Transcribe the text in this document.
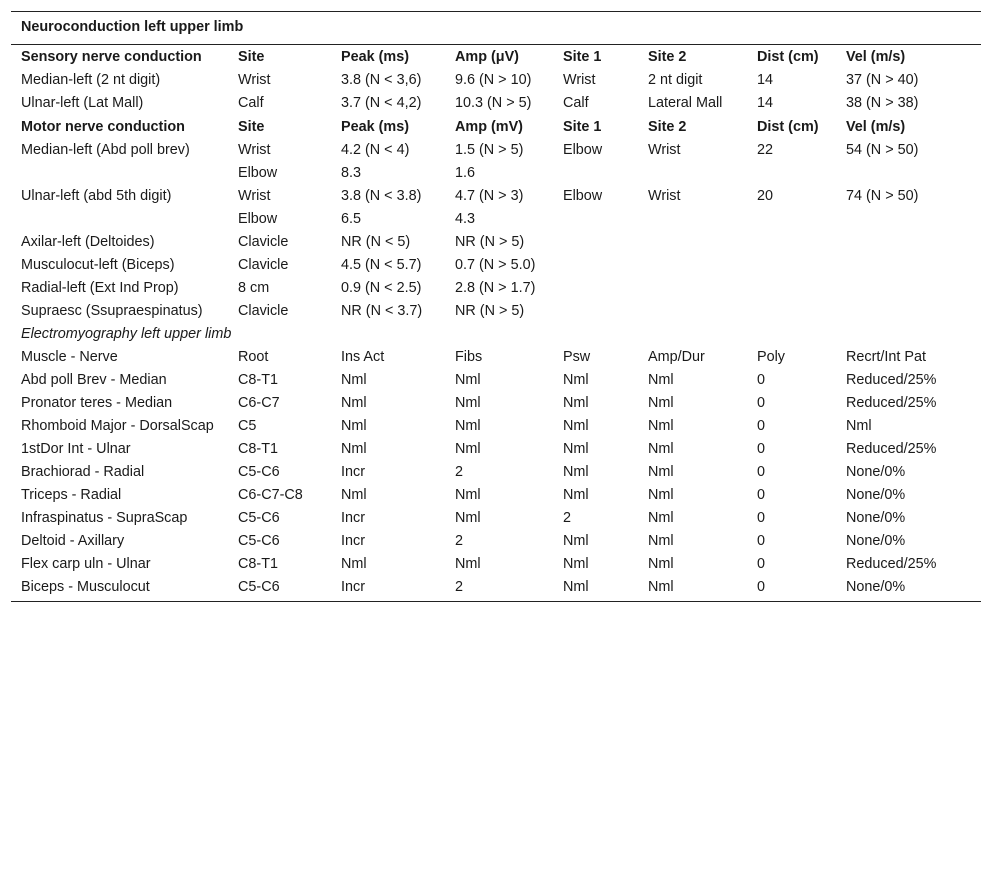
Neuroconduction left upper limb							
Sensory nerve conduction	Site	Peak (ms)	Amp (μV)	Site 1	Site 2	Dist (cm)	Vel (m/s)
Median-left (2 nt digit)	Wrist	3.8 (N < 3,6)	9.6 (N > 10)	Wrist	2 nt digit	14	37 (N > 40)
Ulnar-left (Lat Mall)	Calf	3.7 (N < 4,2)	10.3 (N > 5)	Calf	Lateral Mall	14	38 (N > 38)
Motor nerve conduction	Site	Peak (ms)	Amp (mV)	Site 1	Site 2	Dist (cm)	Vel (m/s)
Median-left (Abd poll brev)	Wrist	4.2 (N < 4)	1.5 (N > 5)	Elbow	Wrist	22	54 (N > 50)
	Elbow	8.3	1.6				
Ulnar-left (abd 5th digit)	Wrist	3.8 (N < 3.8)	4.7 (N > 3)	Elbow	Wrist	20	74 (N > 50)
	Elbow	6.5	4.3				
Axilar-left (Deltoides)	Clavicle	NR (N < 5)	NR (N > 5)				
Musculocut-left (Biceps)	Clavicle	4.5 (N < 5.7)	0.7 (N > 5.0)				
Radial-left (Ext Ind Prop)	8 cm	0.9 (N < 2.5)	2.8 (N > 1.7)				
Supraesc (Ssupraespinatus)	Clavicle	NR (N < 3.7)	NR (N > 5)				
Electromyography left upper limb							
Muscle - Nerve	Root	Ins Act	Fibs	Psw	Amp/Dur	Poly	Recrt/Int Pat
Abd poll Brev - Median	C8-T1	Nml	Nml	Nml	Nml	0	Reduced/25%
Pronator teres - Median	C6-C7	Nml	Nml	Nml	Nml	0	Reduced/25%
Rhomboid Major - DorsalScap	C5	Nml	Nml	Nml	Nml	0	Nml
1stDor Int - Ulnar	C8-T1	Nml	Nml	Nml	Nml	0	Reduced/25%
Brachiorad - Radial	C5-C6	Incr	2	Nml	Nml	0	None/0%
Triceps - Radial	C6-C7-C8	Nml	Nml	Nml	Nml	0	None/0%
Infraspinatus - SupraScap	C5-C6	Incr	Nml	2	Nml	0	None/0%
Deltoid - Axillary	C5-C6	Incr	2	Nml	Nml	0	None/0%
Flex carp uln - Ulnar	C8-T1	Nml	Nml	Nml	Nml	0	Reduced/25%
Biceps - Musculocut	C5-C6	Incr	2	Nml	Nml	0	None/0%
